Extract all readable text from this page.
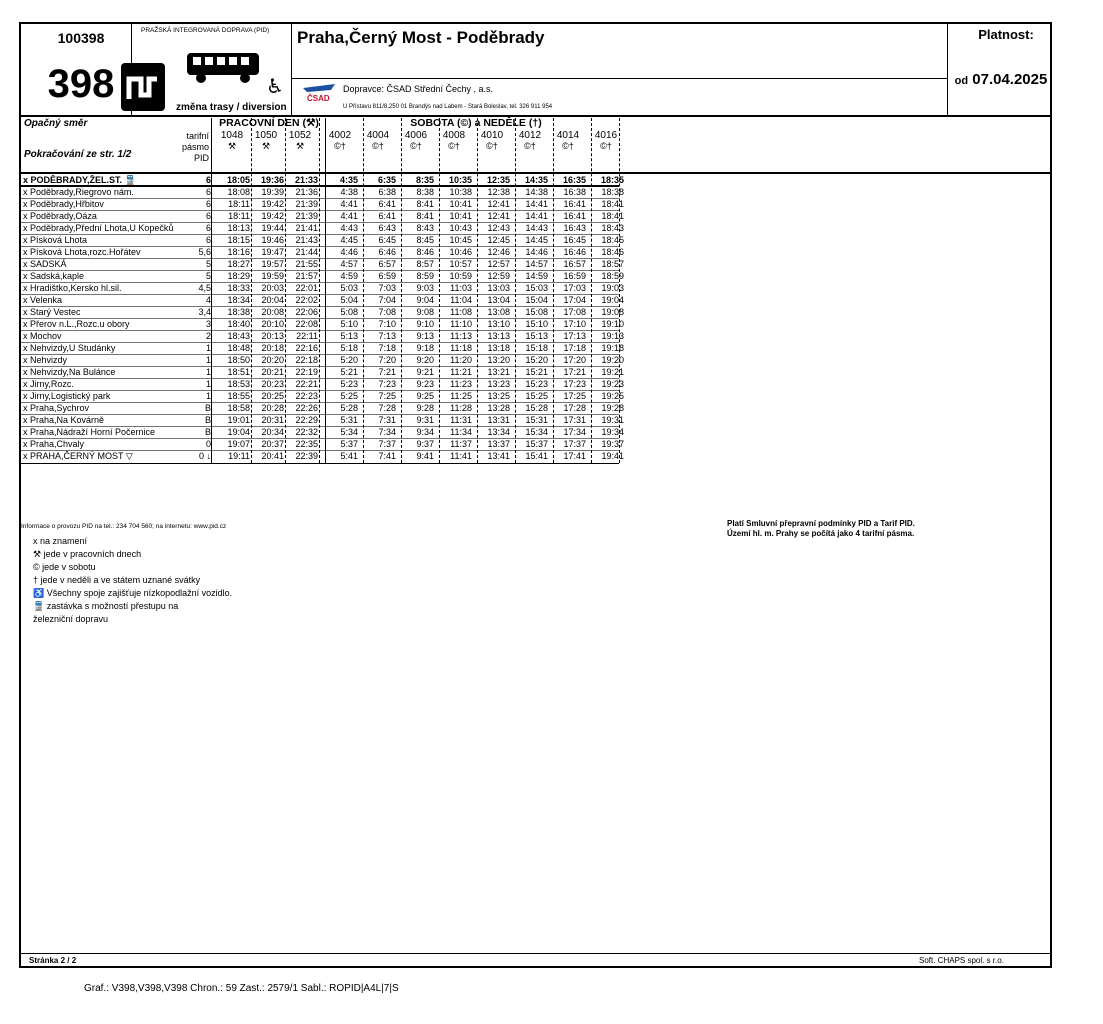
100398
398
PRAŽSKÁ INTEGROVANÁ DOPRAVA (PID)
♿
změna trasy / diversion
Praha,Černý Most - Poděbrady
ČSAD
Dopravce: ČSAD Střední Čechy , a.s.
U Přístavu 811/8,250 01 Brandýs nad Labem - Stará Boleslav, tel. 326 911 954
Platnost:
od 07.04.2025
Opačný směr
Pokračování ze str. 1/2
tarifní
pásmo
PID
PRACOVNÍ DEN (⚒)	SOBOTA (©) a NEDĚLE (†)
1048
⚒
1050
⚒
1052
⚒
4002
©†
4004
©†
4006
©†
4008
©†
4010
©†
4012
©†
4014
©†
4016
©†
x PODĚBRADY,ŽEL.ST. 🚆	6	18:05	19:36	21:33	4:35	6:35	8:35	10:35	12:35	14:35	16:35	18:35
x Poděbrady,Riegrovo nám.	6	18:08	19:39	21:36	4:38	6:38	8:38	10:38	12:38	14:38	16:38	18:38
x Poděbrady,Hřbitov	6	18:11	19:42	21:39	4:41	6:41	8:41	10:41	12:41	14:41	16:41	18:41
x Poděbrady,Oáza	6	18:11	19:42	21:39	4:41	6:41	8:41	10:41	12:41	14:41	16:41	18:41
x Poděbrady,Přední Lhota,U Kopečků	6	18:13	19:44	21:41	4:43	6:43	8:43	10:43	12:43	14:43	16:43	18:43
x Písková Lhota	6	18:15	19:46	21:43	4:45	6:45	8:45	10:45	12:45	14:45	16:45	18:45
x Písková Lhota,rozc.Hořátev	5,6	18:16	19:47	21:44	4:46	6:46	8:46	10:46	12:46	14:46	16:46	18:46
x SADSKÁ	5	18:27	19:57	21:55	4:57	6:57	8:57	10:57	12:57	14:57	16:57	18:57
x Sadská,kaple	5	18:29	19:59	21:57	4:59	6:59	8:59	10:59	12:59	14:59	16:59	18:59
x Hradištko,Kersko hl.sil.	4,5	18:33	20:03	22:01	5:03	7:03	9:03	11:03	13:03	15:03	17:03	19:03
x Velenka	4	18:34	20:04	22:02	5:04	7:04	9:04	11:04	13:04	15:04	17:04	19:04
x Starý Vestec	3,4	18:38	20:08	22:06	5:08	7:08	9:08	11:08	13:08	15:08	17:08	19:08
x Přerov n.L.,Rozc.u obory	3	18:40	20:10	22:08	5:10	7:10	9:10	11:10	13:10	15:10	17:10	19:10
x Mochov	2	18:43	20:13	22:11	5:13	7:13	9:13	11:13	13:13	15:13	17:13	19:13
x Nehvizdy,U Studánky	1	18:48	20:18	22:16	5:18	7:18	9:18	11:18	13:18	15:18	17:18	19:18
x Nehvizdy	1	18:50	20:20	22:18	5:20	7:20	9:20	11:20	13:20	15:20	17:20	19:20
x Nehvizdy,Na Bulánce	1	18:51	20:21	22:19	5:21	7:21	9:21	11:21	13:21	15:21	17:21	19:21
x Jirny,Rozc.	1	18:53	20:23	22:21	5:23	7:23	9:23	11:23	13:23	15:23	17:23	19:23
x Jirny,Logistický park	1	18:55	20:25	22:23	5:25	7:25	9:25	11:25	13:25	15:25	17:25	19:25
x Praha,Sychrov	B	18:58	20:28	22:26	5:28	7:28	9:28	11:28	13:28	15:28	17:28	19:28
x Praha,Na Kovárně	B	19:01	20:31	22:29	5:31	7:31	9:31	11:31	13:31	15:31	17:31	19:31
x Praha,Nádraží Horní Počernice	B	19:04	20:34	22:32	5:34	7:34	9:34	11:34	13:34	15:34	17:34	19:34
x Praha,Chvaly	0	19:07	20:37	22:35	5:37	7:37	9:37	11:37	13:37	15:37	17:37	19:37
x PRAHA,ČERNÝ MOST ▽	0 ↓	19:11	20:41	22:39	5:41	7:41	9:41	11:41	13:41	15:41	17:41	19:41
Informace o provozu PID na tel.: 234 704 560; na internetu: www.pid.cz
x na znamení
⚒ jede v pracovních dnech
© jede v sobotu
† jede v neděli a ve státem uznané svátky
♿ Všechny spoje zajišťuje nízkopodlažní vozidlo.
🚆 zastávka s možností přestupu na
železniční dopravu
Platí Smluvní přepravní podmínky PID a Tarif PID.
Území hl. m. Prahy se počítá jako 4 tarifní pásma.
Stránka 2 / 2	Soft. CHAPS spol. s r.o.
Graf.: V398,V398,V398 Chron.: 59 Zast.: 2579/1 Sabl.: ROPID|A4L|7|S
